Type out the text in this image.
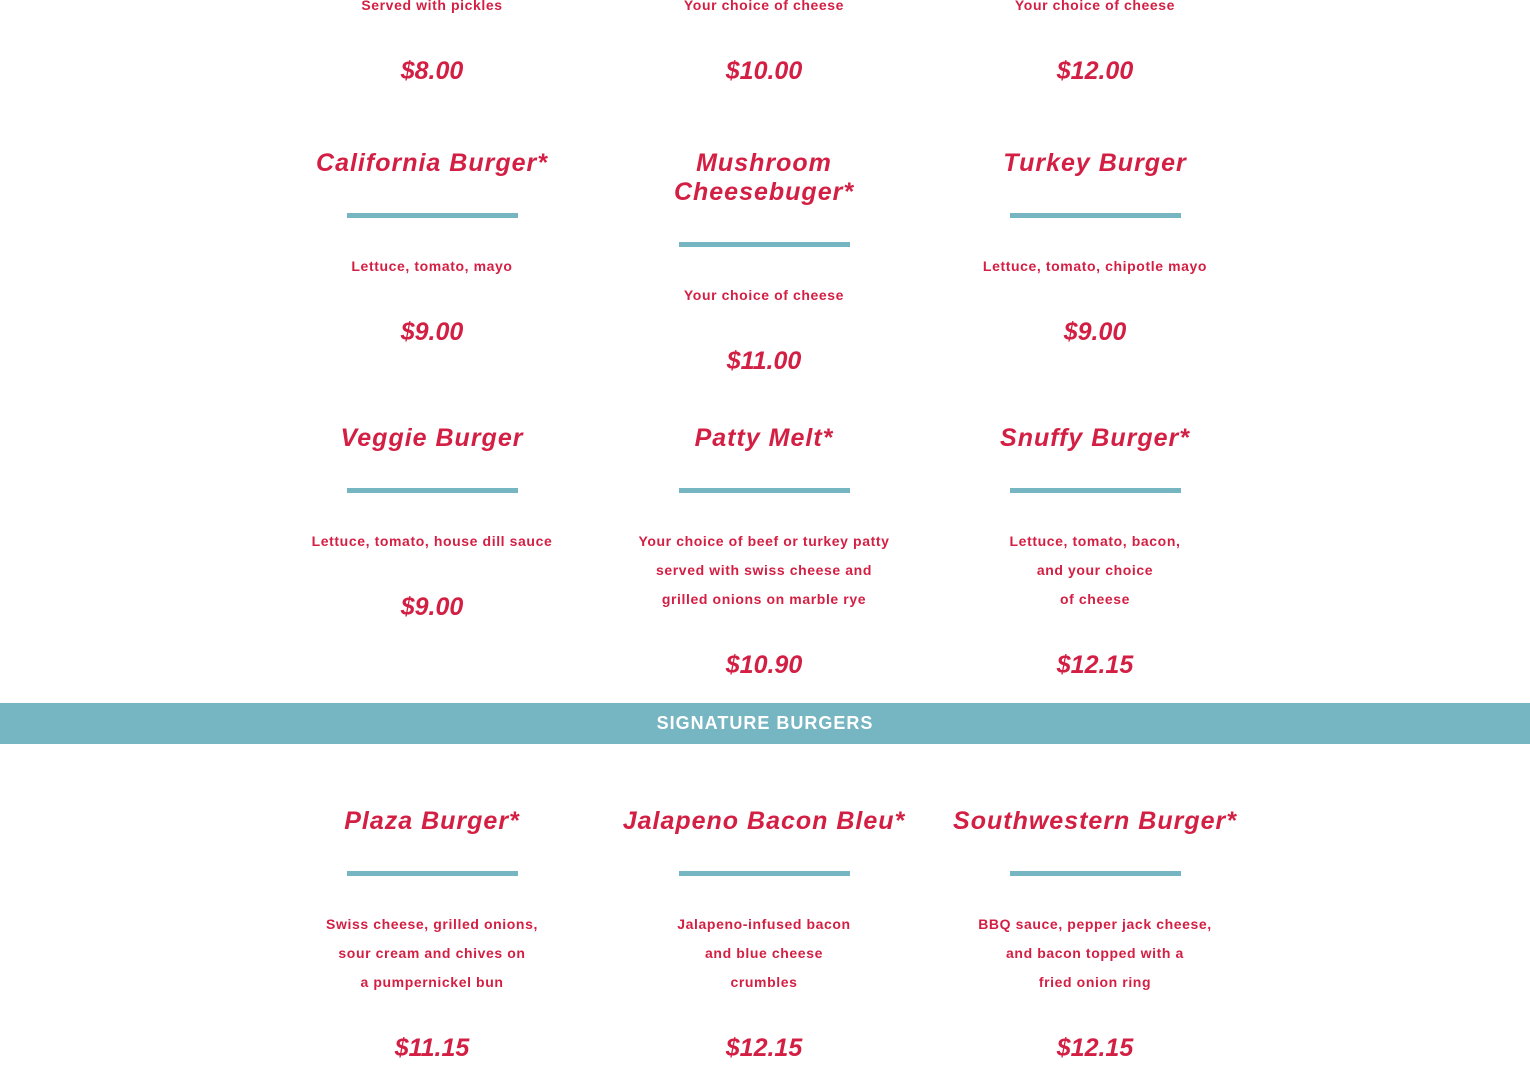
Served with pickles
$8.00
Your choice of cheese
$10.00
Your choice of cheese
$12.00
California Burger*
Lettuce, tomato, mayo
$9.00
Mushroom
Cheesebuger*
Your choice of cheese
$11.00
Turkey Burger
Lettuce, tomato, chipotle mayo
$9.00
Veggie Burger
Lettuce, tomato, house dill sauce
$9.00
Patty Melt*
Your choice of beef or turkey patty
served with swiss cheese and
grilled onions on marble rye
$10.90
Snuffy Burger*
Lettuce, tomato, bacon,
and your choice
of cheese
$12.15
SIGNATURE BURGERS
Plaza Burger*
Swiss cheese, grilled onions,
sour cream and chives on
a pumpernickel bun
$11.15
Jalapeno Bacon Bleu*
Jalapeno-infused bacon
and blue cheese
crumbles
$12.15
Southwestern Burger*
BBQ sauce, pepper jack cheese,
and bacon topped with a
fried onion ring
$12.15
